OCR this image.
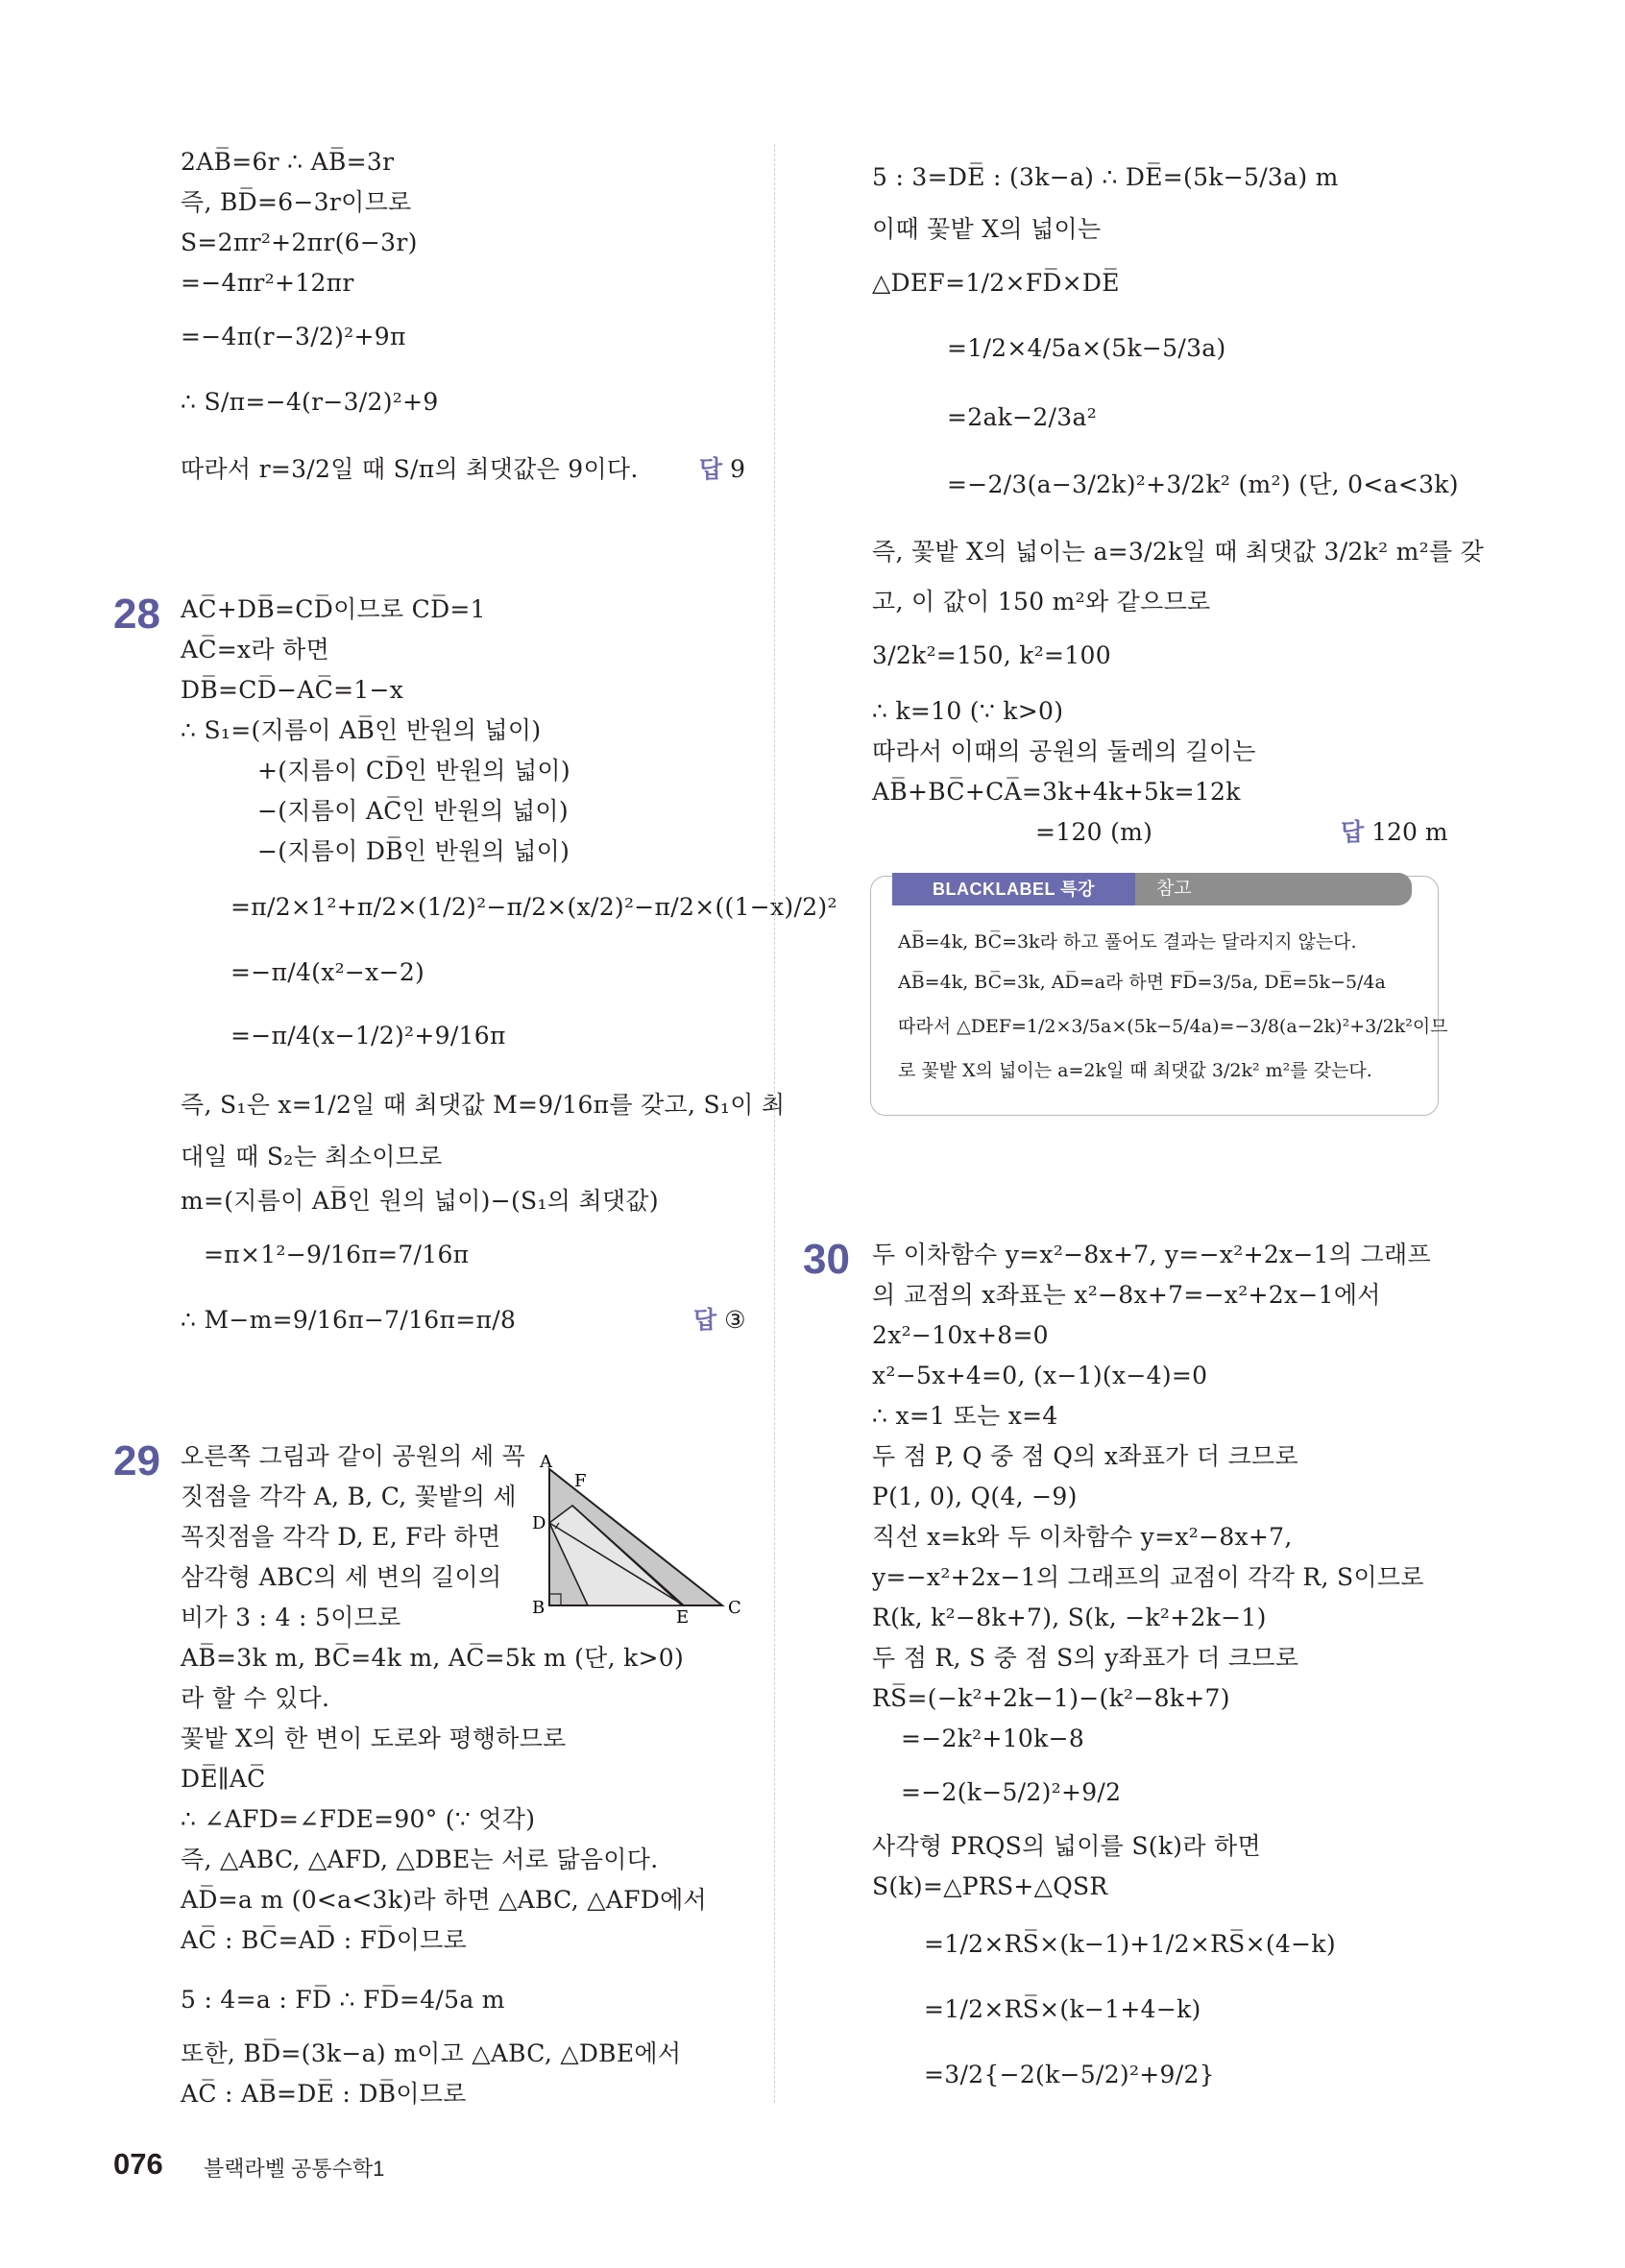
2AB̅=6r ∴ AB̅=3r
즉, BD̅=6−3r이므로
S=2πr²+2πr(6−3r)
=−4πr²+12πr
=−4π(r−3/2)²+9π
∴ S/π=−4(r−3/2)²+9
따라서 r=3/2일 때 S/π의 최댓값은 9이다.	답 9
28 AC̅+DB̅=CD̅이므로 CD̅=1
AC̅=x라 하면
DB̅=CD̅−AC̅=1−x
∴ S₁=(지름이 AB̅인 반원의 넓이)
+(지름이 CD̅인 반원의 넓이)
−(지름이 AC̅인 반원의 넓이)
−(지름이 DB̅인 반원의 넓이)
=π/2×1²+π/2×(1/2)²−π/2×(x/2)²−π/2×((1−x)/2)²
=−π/4(x²−x−2)
=−π/4(x−1/2)²+9/16π
즉, S₁은 x=1/2일 때 최댓값 M=9/16π를 갖고, S₁이 최
대일 때 S₂는 최소이므로
m=(지름이 AB̅인 원의 넓이)−(S₁의 최댓값)
=π×1²−9/16π=7/16π
∴ M−m=9/16π−7/16π=π/8	답 ③
29 오른쪽 그림과 같이 공원의 세 꼭
짓점을 각각 A, B, C, 꽃밭의 세
꼭짓점을 각각 D, E, F라 하면
삼각형 ABC의 세 변의 길이의
비가 3 : 4 : 5이므로
AB̅=3k m, BC̅=4k m, AC̅=5k m (단, k>0)
라 할 수 있다.
꽃밭 X의 한 변이 도로와 평행하므로
DE̅∥AC̅
∴ ∠AFD=∠FDE=90° (∵ 엇각)
즉, △ABC, △AFD, △DBE는 서로 닮음이다.
AD̅=a m (0<a<3k)라 하면 △ABC, △AFD에서
AC̅ : BC̅=AD̅ : FD̅이므로
5 : 4=a : FD̅ ∴ FD̅=4/5a m
또한, BD̅=(3k−a) m이고 △ABC, △DBE에서
AC̅ : AB̅=DE̅ : DB̅이므로
A
F
D
B	E C
5 : 3=DE̅ : (3k−a) ∴ DE̅=(5k−5/3a) m
이때 꽃밭 X의 넓이는
△DEF=1/2×FD̅×DE̅
=1/2×4/5a×(5k−5/3a)
=2ak−2/3a²
=−2/3(a−3/2k)²+3/2k² (m²) (단, 0<a<3k)
즉, 꽃밭 X의 넓이는 a=3/2k일 때 최댓값 3/2k² m²를 갖
고, 이 값이 150 m²와 같으므로
3/2k²=150, k²=100
∴ k=10 (∵ k>0)
따라서 이때의 공원의 둘레의 길이는
AB̅+BC̅+CA̅=3k+4k+5k=12k
=120 (m)	답 120 m
BLACKLABEL 특강	참고
AB̅=4k, BC̅=3k라 하고 풀어도 결과는 달라지지 않는다.
AB̅=4k, BC̅=3k, AD̅=a라 하면 FD̅=3/5a, DE̅=5k−5/4a
따라서 △DEF=1/2×3/5a×(5k−5/4a)=−3/8(a−2k)²+3/2k²이므
로 꽃밭 X의 넓이는 a=2k일 때 최댓값 3/2k² m²를 갖는다.
30 두 이차함수 y=x²−8x+7, y=−x²+2x−1의 그래프
의 교점의 x좌표는 x²−8x+7=−x²+2x−1에서
2x²−10x+8=0
x²−5x+4=0, (x−1)(x−4)=0
∴ x=1 또는 x=4
두 점 P, Q 중 점 Q의 x좌표가 더 크므로
P(1, 0), Q(4, −9)
직선 x=k와 두 이차함수 y=x²−8x+7,
y=−x²+2x−1의 그래프의 교점이 각각 R, S이므로
R(k, k²−8k+7), S(k, −k²+2k−1)
두 점 R, S 중 점 S의 y좌표가 더 크므로
RS̅=(−k²+2k−1)−(k²−8k+7)
=−2k²+10k−8
=−2(k−5/2)²+9/2
사각형 PRQS의 넓이를 S(k)라 하면
S(k)=△PRS+△QSR
=1/2×RS̅×(k−1)+1/2×RS̅×(4−k)
=1/2×RS̅×(k−1+4−k)
=3/2{−2(k−5/2)²+9/2}
076 블랙라벨 공통수학1
